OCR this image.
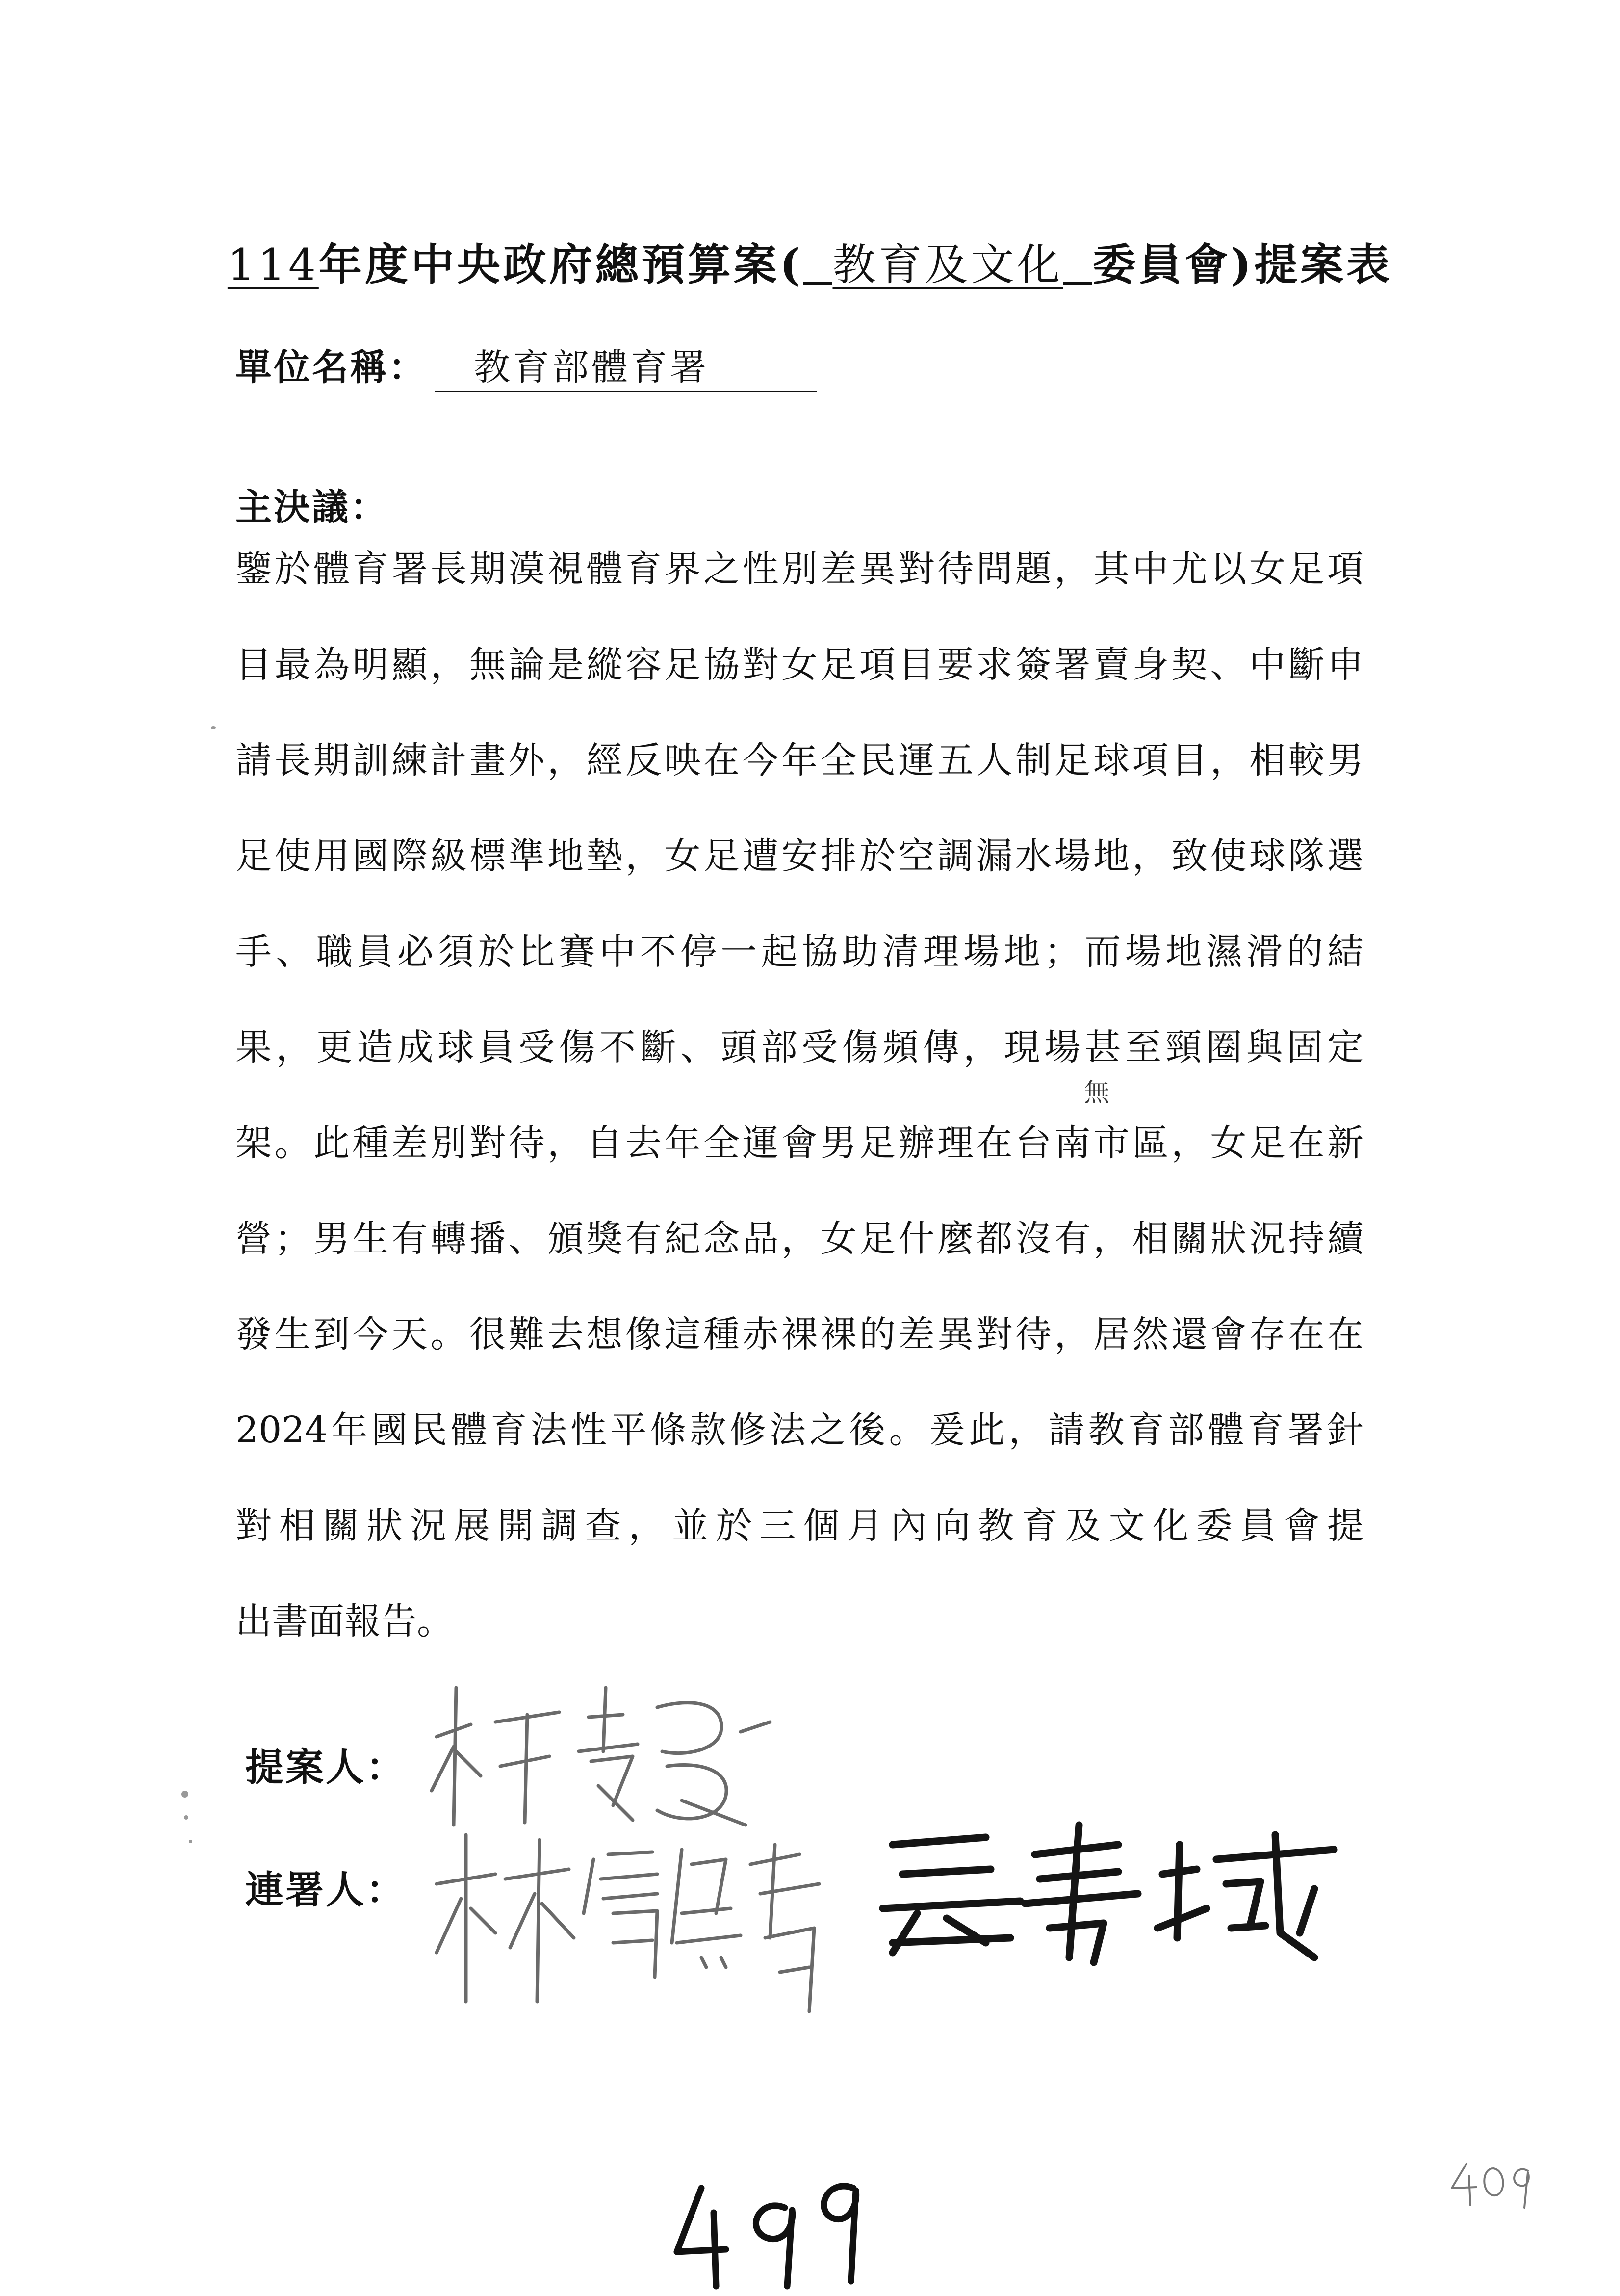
114年度中央政府總預算案( 教育及文化 委員會)提案表
單位名稱： 教育部體育署
主決議：
鑒於體育署長期漠視體育界之性別差異對待問題，其中尤以女足項
目最為明顯，無論是縱容足協對女足項目要求簽署賣身契、中斷申
請長期訓練計畫外，經反映在今年全民運五人制足球項目，相較男
足使用國際級標準地墊，女足遭安排於空調漏水場地，致使球隊選
手、職員必須於比賽中不停一起協助清理場地；而場地濕滑的結
果，更造成球員受傷不斷、頭部受傷頻傳，現場甚至頸圈與固定
架。此種差別對待，自去年全運會男足辦理在台南市區，女足在新
營；男生有轉播、頒獎有紀念品，女足什麼都沒有，相關狀況持續
發生到今天。很難去想像這種赤裸裸的差異對待，居然還會存在在
2024年國民體育法性平條款修法之後。爰此，請教育部體育署針
對相關狀況展開調查，並於三個月內向教育及文化委員會提
出書面報告。
無
提案人：
連署人：
